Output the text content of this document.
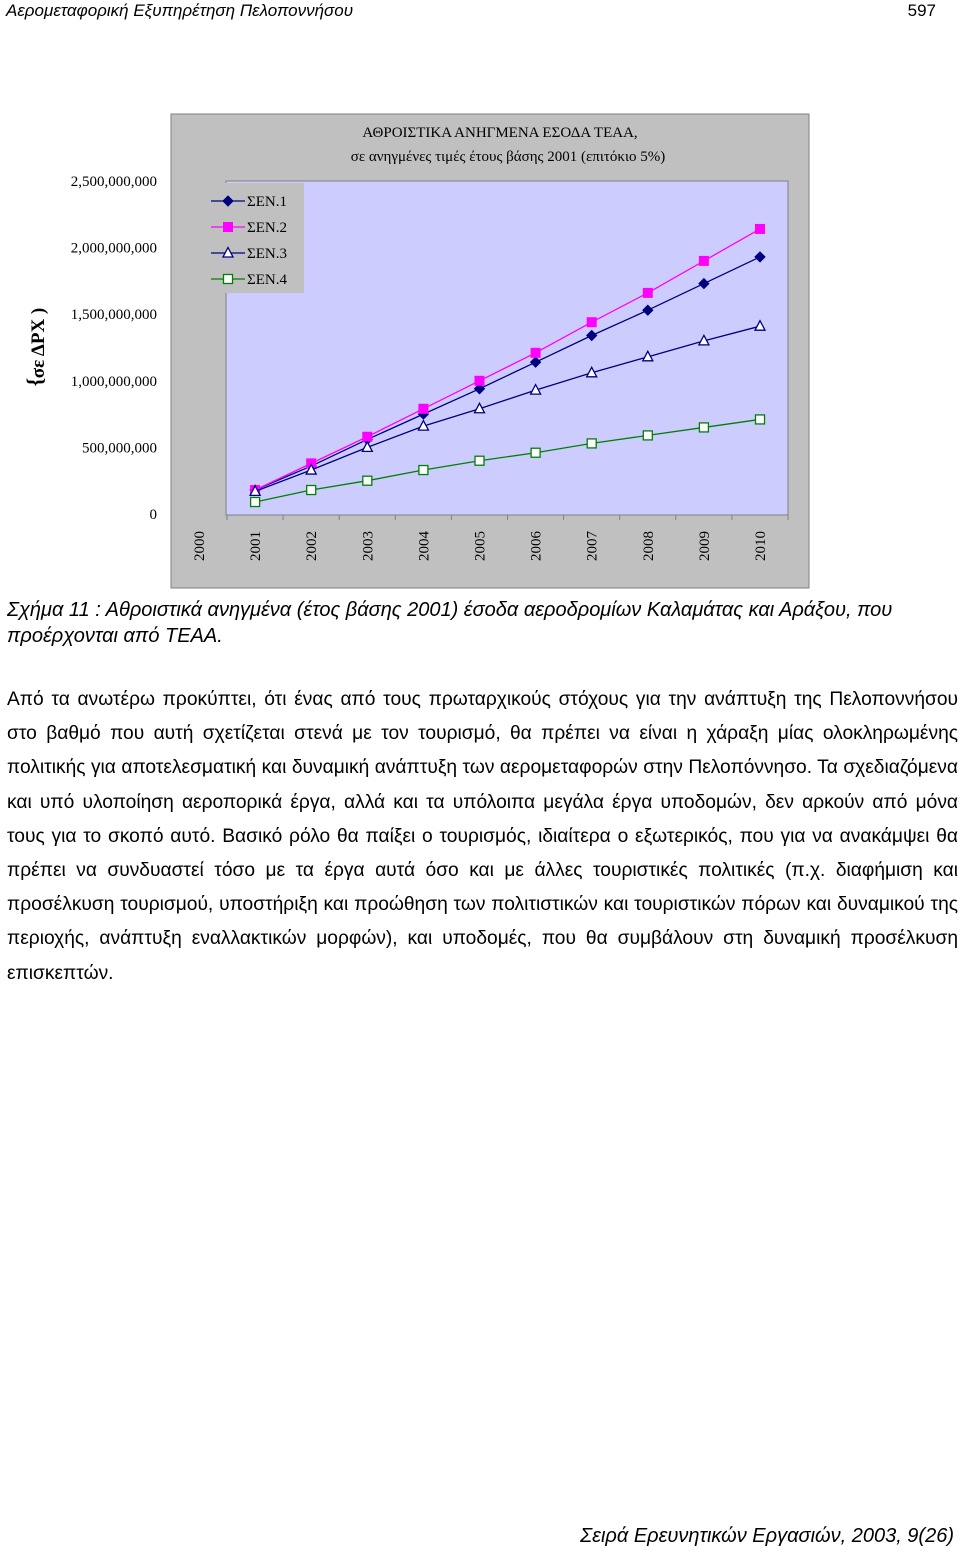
Αερομεταφορική Εξυπηρέτηση Πελοποννήσου	597
ΑΘΡΟΙΣΤΙΚΑ ΑΝΗΓΜΕΝΑ ΕΣΟΔΑ ΤΕΑΑ,
σε ανηγμένες τιμές έτους βάσης 2001 (επιτόκιο 5%)
σε ΔΡΧ )
{
0
500,000,000
1,000,000,000
1,500,000,000
2,000,000,000
2,500,000,000
2000	2001	2002	2003	2004	2005	2006	2007	2008	2009	2010
ΣΕΝ.1
ΣΕΝ.2
ΣΕΝ.3
ΣΕΝ.4
Σχήμα 11 : Αθροιστικά ανηγμένα (έτος βάσης 2001) έσοδα αεροδρομίων Καλαμάτας και Αράξου, που προέρχονται από ΤΕΑΑ.
Από τα ανωτέρω προκύπτει, ότι ένας από τους πρωταρχικούς στόχους για την ανάπτυξη της Πελοποννήσου στο βαθμό που αυτή σχετίζεται στενά με τον τουρισμό, θα πρέπει να είναι η χάραξη μίας ολοκληρωμένης πολιτικής για αποτελεσματική και δυναμική ανάπτυξη των αερομεταφορών στην Πελοπόννησο. Τα σχεδιαζόμενα και υπό υλοποίηση αεροπορικά έργα, αλλά και τα υπόλοιπα μεγάλα έργα υποδομών, δεν αρκούν από μόνα τους για το σκοπό αυτό. Βασικό ρόλο θα παίξει ο τουρισμός, ιδιαίτερα ο εξωτερικός, που για να ανακάμψει θα πρέπει να συνδυαστεί τόσο με τα έργα αυτά όσο και με άλλες τουριστικές πολιτικές (π.χ. διαφήμιση και προσέλκυση τουρισμού, υποστήριξη και προώθηση των πολιτιστικών και τουριστικών πόρων και δυναμικού της περιοχής, ανάπτυξη εναλλακτικών μορφών), και υποδομές, που θα συμβάλουν στη δυναμική προσέλκυση επισκεπτών.
Σειρά Ερευνητικών Εργασιών, 2003, 9(26)
